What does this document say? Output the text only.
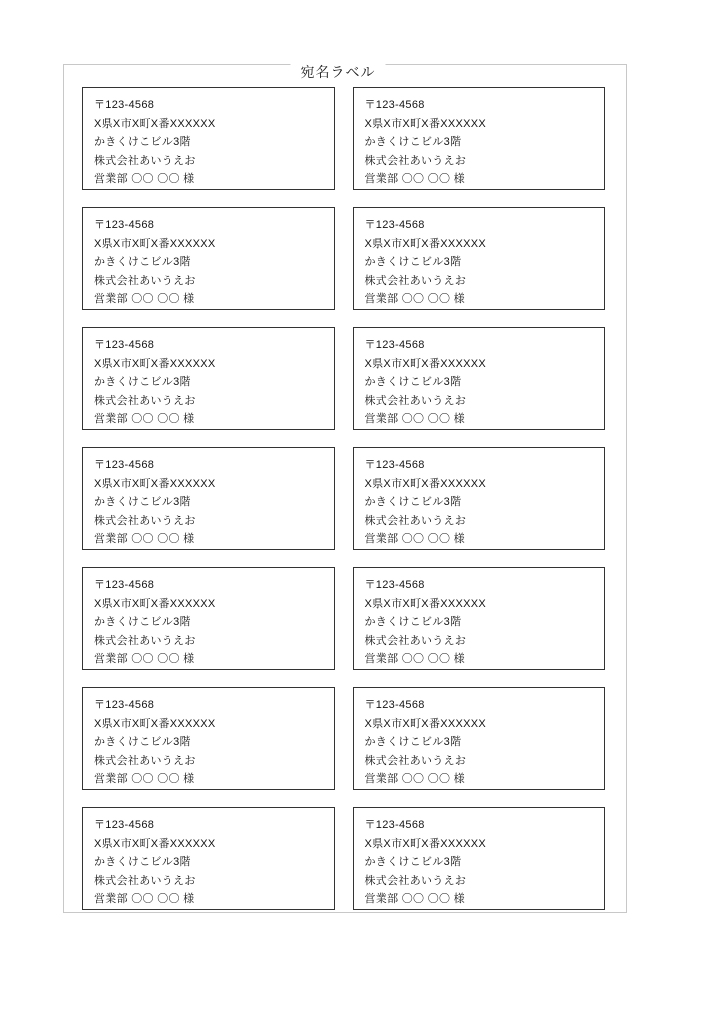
宛名ラベル
〒123-4568
X県X市X町X番XXXXXX
かきくけこビル3階
株式会社あいうえお
営業部 〇〇 〇〇 様
〒123-4568
X県X市X町X番XXXXXX
かきくけこビル3階
株式会社あいうえお
営業部 〇〇 〇〇 様
〒123-4568
X県X市X町X番XXXXXX
かきくけこビル3階
株式会社あいうえお
営業部 〇〇 〇〇 様
〒123-4568
X県X市X町X番XXXXXX
かきくけこビル3階
株式会社あいうえお
営業部 〇〇 〇〇 様
〒123-4568
X県X市X町X番XXXXXX
かきくけこビル3階
株式会社あいうえお
営業部 〇〇 〇〇 様
〒123-4568
X県X市X町X番XXXXXX
かきくけこビル3階
株式会社あいうえお
営業部 〇〇 〇〇 様
〒123-4568
X県X市X町X番XXXXXX
かきくけこビル3階
株式会社あいうえお
営業部 〇〇 〇〇 様
〒123-4568
X県X市X町X番XXXXXX
かきくけこビル3階
株式会社あいうえお
営業部 〇〇 〇〇 様
〒123-4568
X県X市X町X番XXXXXX
かきくけこビル3階
株式会社あいうえお
営業部 〇〇 〇〇 様
〒123-4568
X県X市X町X番XXXXXX
かきくけこビル3階
株式会社あいうえお
営業部 〇〇 〇〇 様
〒123-4568
X県X市X町X番XXXXXX
かきくけこビル3階
株式会社あいうえお
営業部 〇〇 〇〇 様
〒123-4568
X県X市X町X番XXXXXX
かきくけこビル3階
株式会社あいうえお
営業部 〇〇 〇〇 様
〒123-4568
X県X市X町X番XXXXXX
かきくけこビル3階
株式会社あいうえお
営業部 〇〇 〇〇 様
〒123-4568
X県X市X町X番XXXXXX
かきくけこビル3階
株式会社あいうえお
営業部 〇〇 〇〇 様
